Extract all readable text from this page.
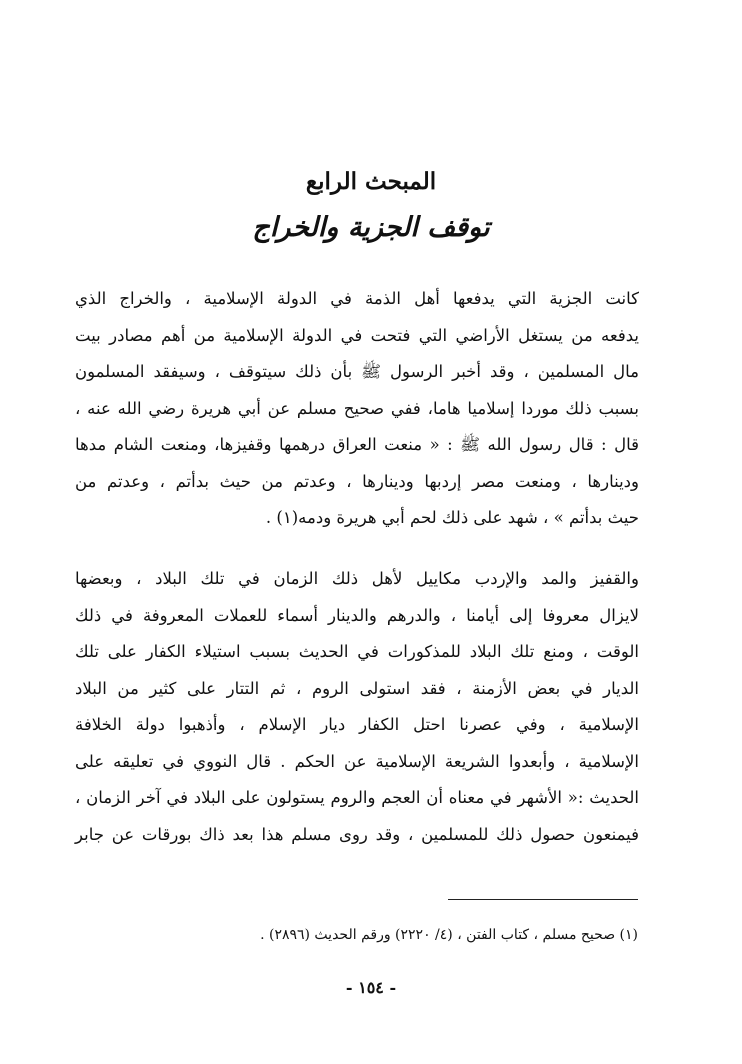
المبحث الرابع
توقف الجزية والخراج
كانت الجزية التي يدفعها أهل الذمة في الدولة الإسلامية ، والخراج الذي
يدفعه من يستغل الأراضي التي فتحت في الدولة الإسلامية من أهم مصادر بيت
مال المسلمين ، وقد أخبر الرسول ﷺ بأن ذلك سيتوقف ، وسيفقد المسلمون
بسبب ذلك موردا إسلاميا هاما، ففي صحيح مسلم عن أبي هريرة رضي الله عنه ،
قال : قال رسول الله ﷺ : « منعت العراق درهمها وقفيزها، ومنعت الشام مدها
ودينارها ، ومنعت مصر إردبها ودينارها ، وعدتم من حيث بدأتم ، وعدتم من
حيث بدأتم » ، شهد على ذلك لحم أبي هريرة ودمه(١) .
والقفيز والمد والإردب مكاييل لأهل ذلك الزمان في تلك البلاد ، وبعضها
لايزال معروفا إلى أيامنا ، والدرهم والدينار أسماء للعملات المعروفة في ذلك
الوقت ، ومنع تلك البلاد للمذكورات في الحديث بسبب استيلاء الكفار على تلك
الديار في بعض الأزمنة ، فقد استولى الروم ، ثم التتار على كثير من البلاد
الإسلامية ، وفي عصرنا احتل الكفار ديار الإسلام ، وأذهبوا دولة الخلافة
الإسلامية ، وأبعدوا الشريعة الإسلامية عن الحكم . قال النووي في تعليقه على
الحديث :« الأشهر في معناه أن العجم والروم يستولون على البلاد في آخر الزمان ،
فيمنعون حصول ذلك للمسلمين ، وقد روى مسلم هذا بعد ذاك بورقات عن جابر
(١) صحيح مسلم ، كتاب الفتن ، (٤/ ٢٢٢٠) ورقم الحديث (٢٨٩٦) .
- ١٥٤ -
